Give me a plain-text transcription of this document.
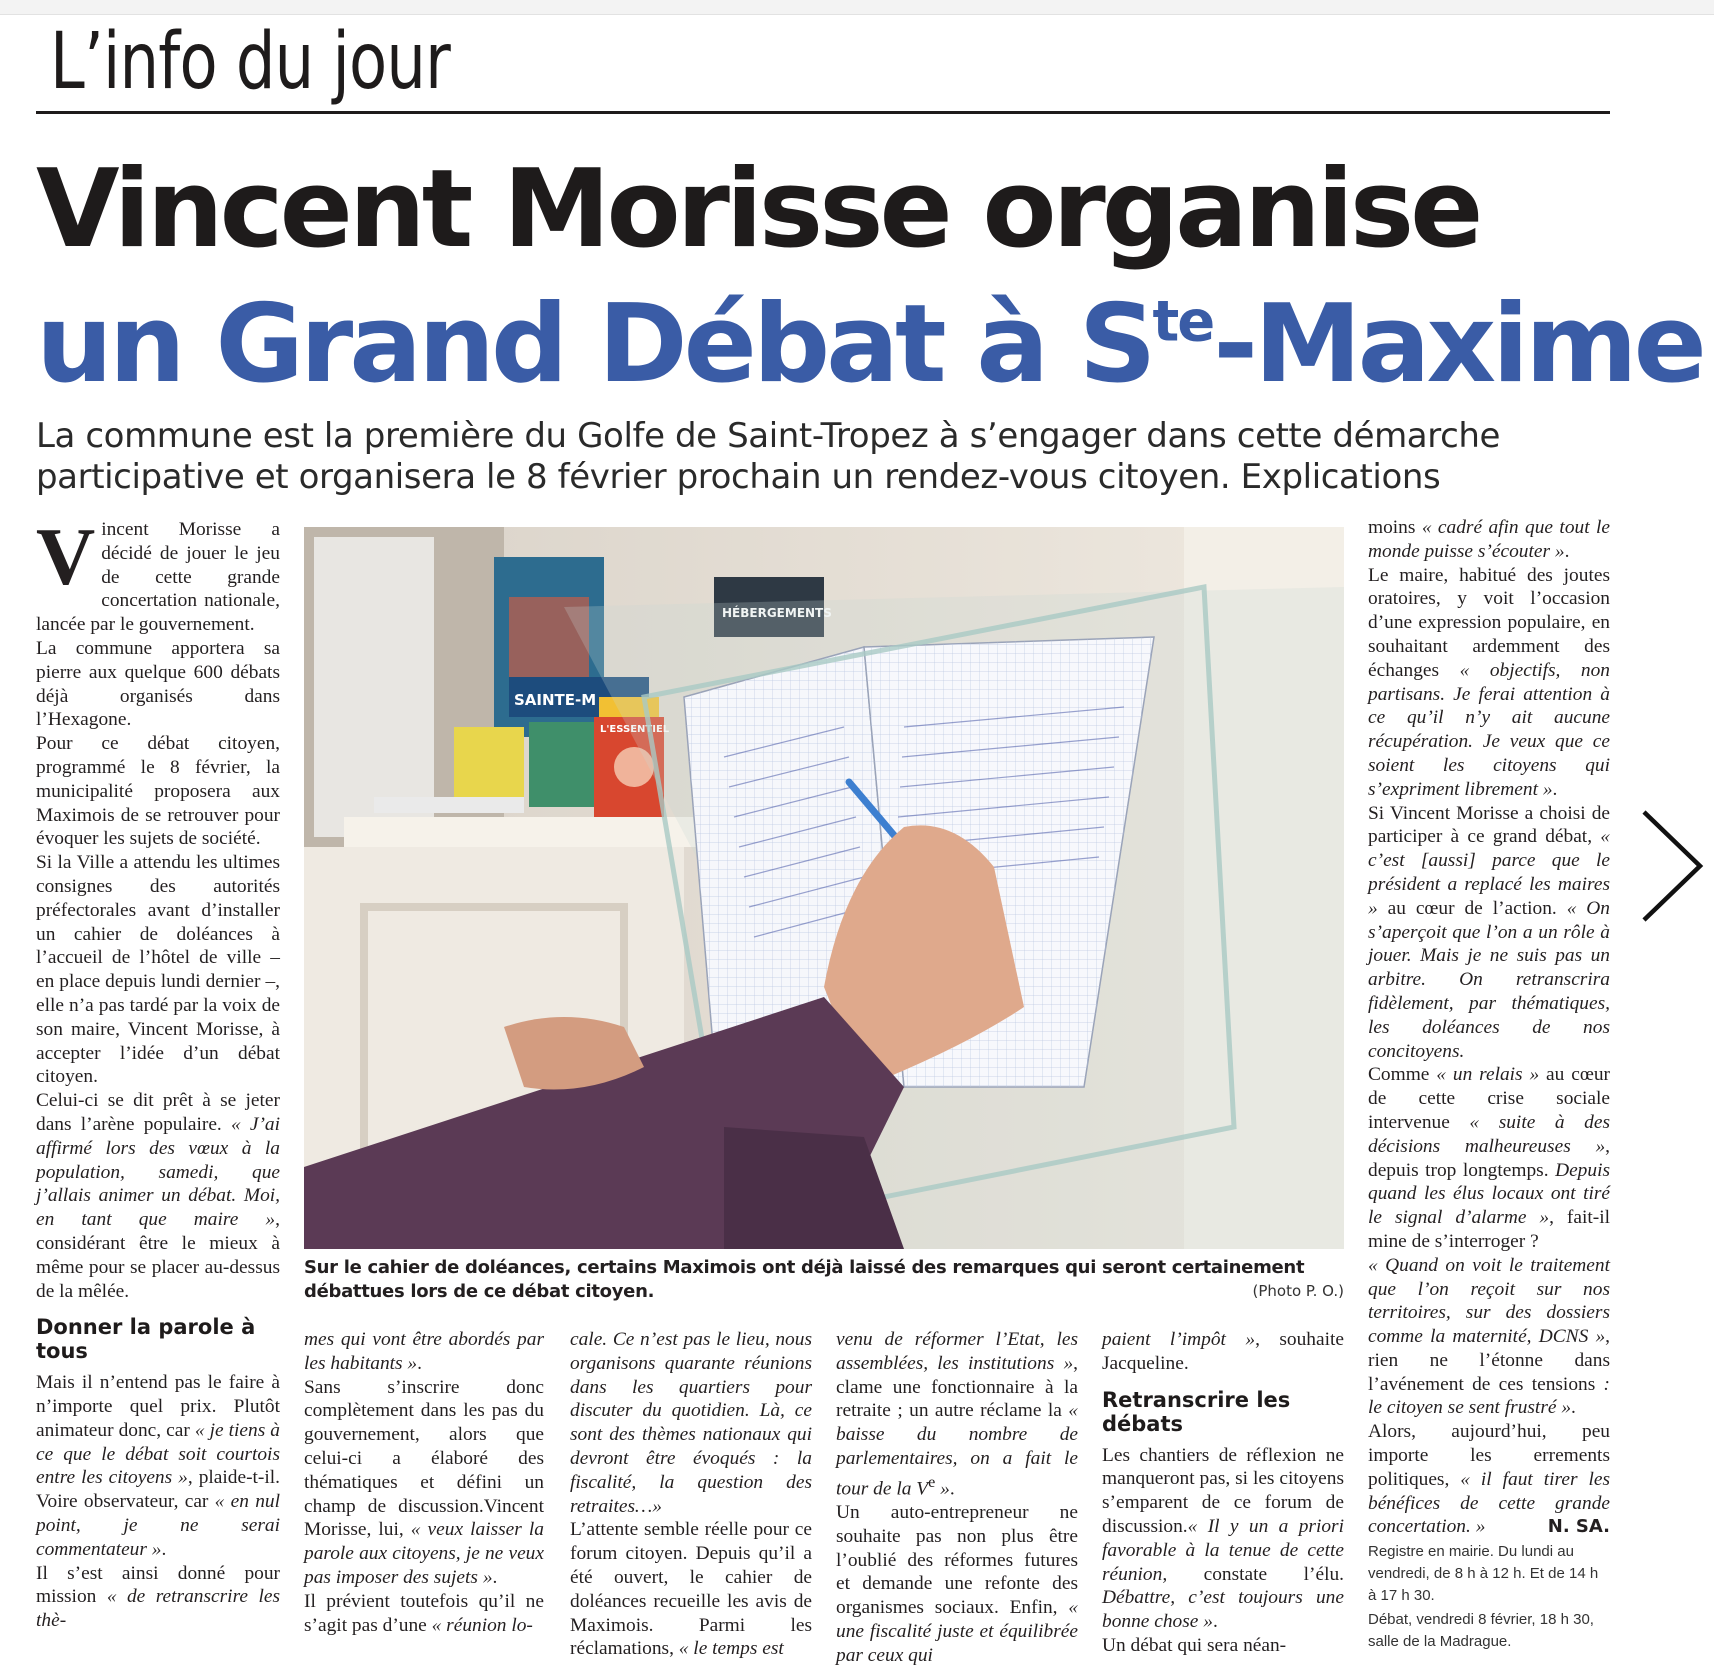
L’info du jour
Vincent Morisse organise
un Grand Débat à $S^{te}$-Maxime

La commune est la première du Golfe de Saint-Tropez à s’engager dans cette démarche participative et organisera le 8 février prochain un rendez-vous citoyen. Explications

Vincent Morisse a décidé de jouer le jeu de cette grande concertation nationale, lancée par le gouvernement.

La commune apportera sa pierre aux quelque 600 débats déjà organisés dans l’Hexagone.

Pour ce débat citoyen, programmé le 8 février, la municipalité proposera aux Maximois de se retrouver pour évoquer les sujets de société.

Si la Ville a attendu les ultimes consignes des autorités préfectorales avant d’installer un cahier de doléances à l’accueil de l’hôtel de ville – en place depuis lundi dernier –, elle n’a pas tardé par la voix de son maire, Vincent Morisse, à accepter l’idée d’un débat citoyen.

Celui-ci se dit prêt à se jeter dans l’arène populaire. « J’ai affirmé lors des vœux à la population, samedi, que j’allais animer un débat. Moi, en tant que maire », considérant être le mieux à même pour se placer au-dessus de la mêlée.

Donner la parole à tous

Mais il n’entend pas le faire à n’importe quel prix. Plutôt animateur donc, car « je tiens à ce que le débat soit courtois entre les citoyens », plaide-t-il. Voire observateur, car « en nul point, je ne serai commentateur ».

Il s’est ainsi donné pour mission « de retranscrire les thè-

HÉBERGEMENTS
SAINTE-M
L'ESSENTIEL

Sur le cahier de doléances, certains Maximois ont déjà laissé des remarques qui seront certainement débattues lors de ce débat citoyen.	(Photo P. O.)

mes qui vont être abordés par les habitants ».

Sans s’inscrire donc complètement dans les pas du gouvernement, alors que celui-ci a élaboré des thématiques et défini un champ de discussion.Vincent Morisse, lui, « veux laisser la parole aux citoyens, je ne veux pas imposer des sujets ».

Il prévient toutefois qu’il ne s’agit pas d’une « réunion lo-

cale. Ce n’est pas le lieu, nous organisons quarante réunions dans les quartiers pour discuter du quotidien. Là, ce sont des thèmes nationaux qui devront être évoqués : la fiscalité, la question des retraites…»

L’attente semble réelle pour ce forum citoyen. Depuis qu’il a été ouvert, le cahier de doléances recueille les avis de Maximois. Parmi les réclamations, « le temps est

venu de réformer l’Etat, les assemblées, les institutions », clame une fonctionnaire à la retraite ; un autre réclame la « baisse du nombre de parlementaires, on a fait le tour de la Ve ».

Un auto-entrepreneur ne souhaite pas non plus être l’oublié des réformes futures et demande une refonte des organismes sociaux. Enfin, « une fiscalité juste et équilibrée par ceux qui

paient l’impôt », souhaite Jacqueline.

Retranscrire les débats

Les chantiers de réflexion ne manqueront pas, si les citoyens s’emparent de ce forum de discussion.« Il y un a priori favorable à la tenue de cette réunion, constate l’élu. Débattre, c’est toujours une bonne chose ».

Un débat qui sera néan-

moins « cadré afin que tout le monde puisse s’écouter ».

Le maire, habitué des joutes oratoires, y voit l’occasion d’une expression populaire, en souhaitant ardemment des échanges « objectifs, non partisans. Je ferai attention à ce qu’il n’y ait aucune récupération. Je veux que ce soient les citoyens qui s’expriment librement ».

Si Vincent Morisse a choisi de participer à ce grand débat, « c’est [aussi] parce que le président a replacé les maires » au cœur de l’action. « On s’aperçoit que l’on a un rôle à jouer. Mais je ne suis pas un arbitre. On retranscrira fidèlement, par thématiques, les doléances de nos concitoyens.

Comme « un relais » au cœur de cette crise sociale intervenue « suite à des décisions malheureuses », depuis trop longtemps. Depuis quand les élus locaux ont tiré le signal d’alarme », fait-il mine de s’interroger ?

« Quand on voit le traitement que l’on reçoit sur nos territoires, sur des dossiers comme la maternité, DCNS », rien ne l’étonne dans l’avénement de ces tensions : le citoyen se sent frustré ».

Alors, aujourd’hui, peu importe les errements politiques, « il faut tirer les bénéfices de cette grande concertation. »	N. SA.

Registre en mairie. Du lundi au vendredi, de 8 h à 12 h. Et de 14 h à 17 h 30.

Débat, vendredi 8 février, 18 h 30, salle de la Madrague.
